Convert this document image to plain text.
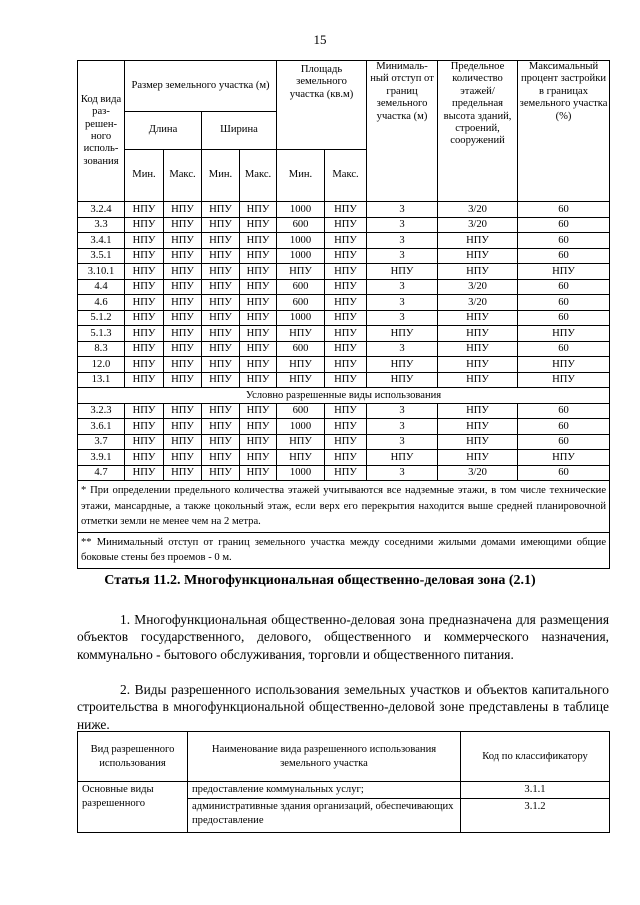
15
Код вида раз-решен-ного исполь-зования	Размер земельного участка (м)				Площадь земельного участка (кв.м)		Минималь-ный отступ от границ земельного участка (м)	Предельное количество этажей/ предельная высота зданий, строений, сооружений	Максимальный процент застройки в границах земельного участка (%)
	Длина		Ширина						
	Мин.	Макс.	Мин.	Макс.	Мин.	Макс.			
3.2.4	НПУ	НПУ	НПУ	НПУ	1000	НПУ	3	3/20	60
3.3	НПУ	НПУ	НПУ	НПУ	600	НПУ	3	3/20	60
3.4.1	НПУ	НПУ	НПУ	НПУ	1000	НПУ	3	НПУ	60
3.5.1	НПУ	НПУ	НПУ	НПУ	1000	НПУ	3	НПУ	60
3.10.1	НПУ	НПУ	НПУ	НПУ	НПУ	НПУ	НПУ	НПУ	НПУ
4.4	НПУ	НПУ	НПУ	НПУ	600	НПУ	3	3/20	60
4.6	НПУ	НПУ	НПУ	НПУ	600	НПУ	3	3/20	60
5.1.2	НПУ	НПУ	НПУ	НПУ	1000	НПУ	3	НПУ	60
5.1.3	НПУ	НПУ	НПУ	НПУ	НПУ	НПУ	НПУ	НПУ	НПУ
8.3	НПУ	НПУ	НПУ	НПУ	600	НПУ	3	НПУ	60
12.0	НПУ	НПУ	НПУ	НПУ	НПУ	НПУ	НПУ	НПУ	НПУ
13.1	НПУ	НПУ	НПУ	НПУ	НПУ	НПУ	НПУ	НПУ	НПУ
Условно разрешенные виды использования									
3.2.3	НПУ	НПУ	НПУ	НПУ	600	НПУ	3	НПУ	60
3.6.1	НПУ	НПУ	НПУ	НПУ	1000	НПУ	3	НПУ	60
3.7	НПУ	НПУ	НПУ	НПУ	НПУ	НПУ	3	НПУ	60
3.9.1	НПУ	НПУ	НПУ	НПУ	НПУ	НПУ	НПУ	НПУ	НПУ
4.7	НПУ	НПУ	НПУ	НПУ	1000	НПУ	3	3/20	60
* При определении предельного количества этажей учитываются все надземные этажи, в том числе технические этажи, мансардные, а также цокольный этаж, если верх его перекрытия находится выше средней планировочной отметки земли не менее чем на 2 метра.									
** Минимальный отступ от границ земельного участка между соседними жилыми домами имеющими общие боковые стены без проемов - 0 м.									
Статья 11.2. Многофункциональная общественно-деловая зона (2.1)
1. Многофункциональная общественно-деловая зона предназначена для размещения объектов государственного, делового, общественного и коммерческого назначения, коммунально - бытового обслуживания, торговли и общественного питания.
2. Виды разрешенного использования земельных участков и объектов капитального строительства в многофункциональной общественно-деловой зоне представлены в таблице ниже.
Вид разрешенного использования	Наименование вида разрешенного использования земельного участка	Код по классификатору
Основные виды разрешенного	предоставление коммунальных услуг;	3.1.1
	административные здания организаций, обеспечивающих предоставление	3.1.2
